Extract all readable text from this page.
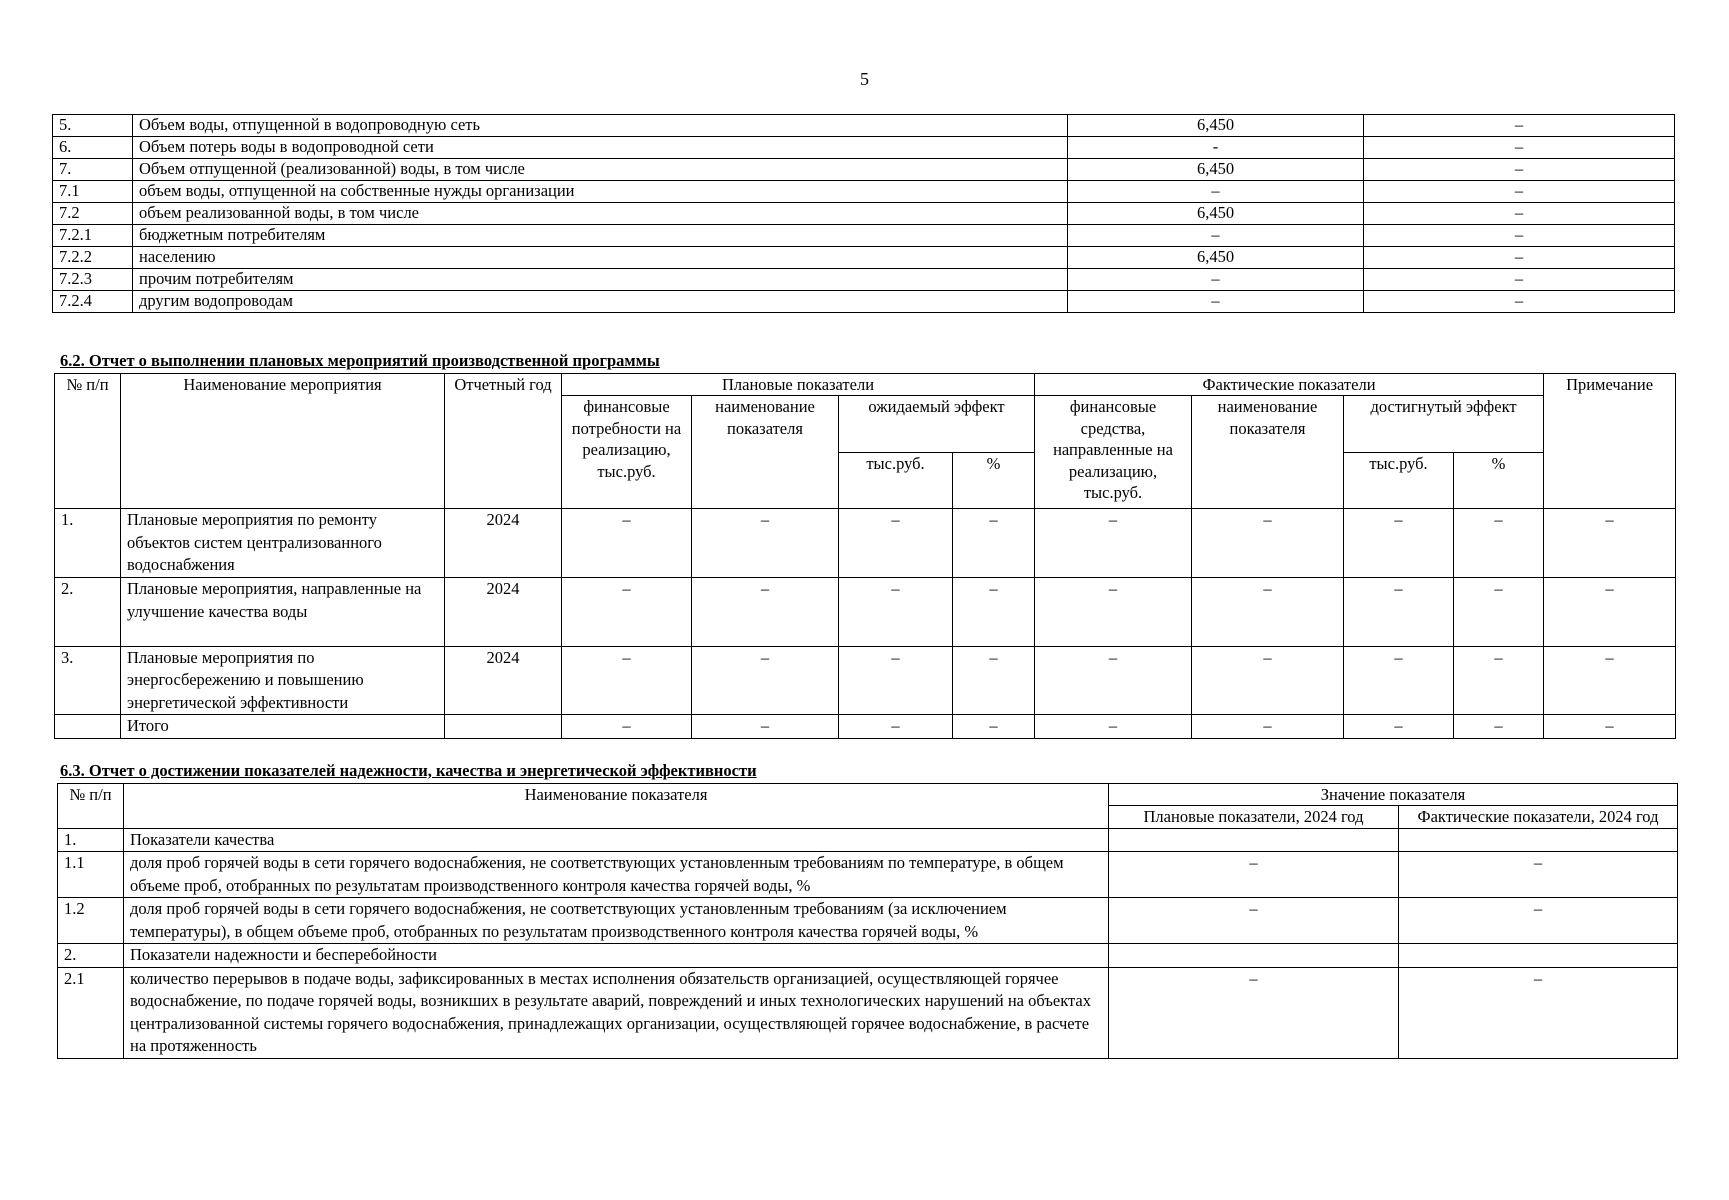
5
5.	Объем воды, отпущенной в водопроводную сеть	6,450	–
6.	Объем потерь воды в водопроводной сети	-	–
7.	Объем отпущенной (реализованной) воды, в том числе	6,450	–
7.1	объем воды, отпущенной на собственные нужды организации	–	–
7.2	объем реализованной воды, в том числе	6,450	–
7.2.1	бюджетным потребителям	–	–
7.2.2	населению	6,450	–
7.2.3	прочим потребителям	–	–
7.2.4	другим водопроводам	–	–
6.2. Отчет о выполнении плановых мероприятий производственной программы
№ п/п	Наименование мероприятия	Отчетный год	Плановые показатели				Фактические показатели				Примечание
			финансовые потребности на реализацию, тыс.руб.	наименование показателя	ожидаемый эффект		финансовые средства, направленные на реализацию, тыс.руб.	наименование показателя	достигнутый эффект		
					тыс.руб.	%			тыс.руб.	%	
1.	Плановые мероприятия по ремонту объектов систем централизованного водоснабжения	2024	–	–	–	–	–	–	–	–	–
2.	Плановые мероприятия, направленные на улучшение качества воды	2024	–	–	–	–	–	–	–	–	–
3.	Плановые мероприятия по энергосбережению и повышению энергетической эффективности	2024	–	–	–	–	–	–	–	–	–
	Итого		–	–	–	–	–	–	–	–	–
6.3. Отчет о достижении показателей надежности, качества и энергетической эффективности
№ п/п	Наименование показателя	Значение показателя	
		Плановые показатели, 2024 год	Фактические показатели, 2024 год
1.	Показатели качества		
1.1	доля проб горячей воды в сети горячего водоснабжения, не соответствующих установленным требованиям по температуре, в общем объеме проб, отобранных по результатам производственного контроля качества горячей воды, %	–	–
1.2	доля проб горячей воды в сети горячего водоснабжения, не соответствующих установленным требованиям (за исключением температуры), в общем объеме проб, отобранных по результатам производственного контроля качества горячей воды, %	–	–
2.	Показатели надежности и бесперебойности		
2.1	количество перерывов в подаче воды, зафиксированных в местах исполнения обязательств организацией, осуществляющей горячее водоснабжение, по подаче горячей воды, возникших в результате аварий, повреждений и иных технологических нарушений на объектах централизованной системы горячего водоснабжения, принадлежащих организации, осуществляющей горячее водоснабжение, в расчете на протяженность	–	–
